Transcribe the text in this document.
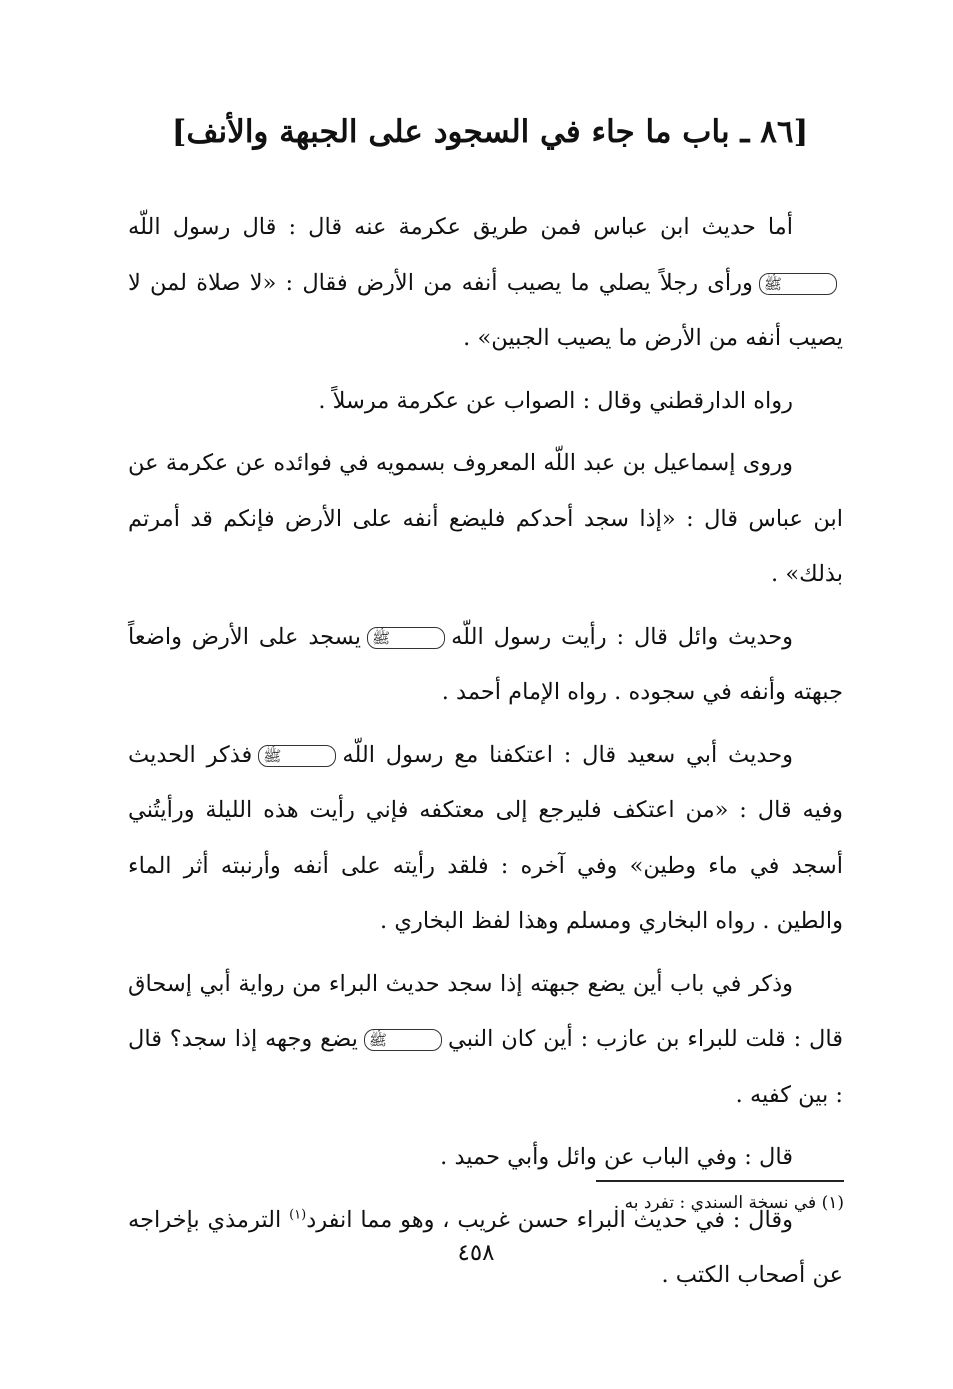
[٨٦ ـ باب ما جاء في السجود على الجبهة والأنف]

أما حديث ابن عباس فمن طريق عكرمة عنه قال : قال رسول اللّهﷺورأى رجلاً يصلي ما يصيب أنفه من الأرض فقال : «لا صلاة لمن لا يصيب أنفه من الأرض ما يصيب الجبين» .

رواه الدارقطني وقال : الصواب عن عكرمة مرسلاً .

وروى إسماعيل بن عبد اللّه المعروف بسمويه في فوائده عن عكرمة عن ابن عباس قال : «إذا سجد أحدكم فليضع أنفه على الأرض فإنكم قد أمرتم بذلك» .

وحديث وائل قال : رأيت رسول اللّهﷺيسجد على الأرض واضعاً جبهته وأنفه في سجوده . رواه الإمام أحمد .

وحديث أبي سعيد قال : اعتكفنا مع رسول اللّهﷺفذكر الحديث وفيه قال : «من اعتكف فليرجع إلى معتكفه فإني رأيت هذه الليلة ورأيتُني أسجد في ماء وطين» وفي آخره : فلقد رأيته على أنفه وأرنبته أثر الماء والطين . رواه البخاري ومسلم وهذا لفظ البخاري .

وذكر في باب أين يضع جبهته إذا سجد حديث البراء من رواية أبي إسحاق قال : قلت للبراء بن عازب : أين كان النبيﷺيضع وجهه إذا سجد؟ قال : بين كفيه .

قال : وفي الباب عن وائل وأبي حميد .

وقال : في حديث البراء حسن غريب ، وهو مما انفرد$^{(١)}$ الترمذي بإخراجه عن أصحاب الكتب .

(١) في نسخة السندي : تفرد به .
٤٥٨
